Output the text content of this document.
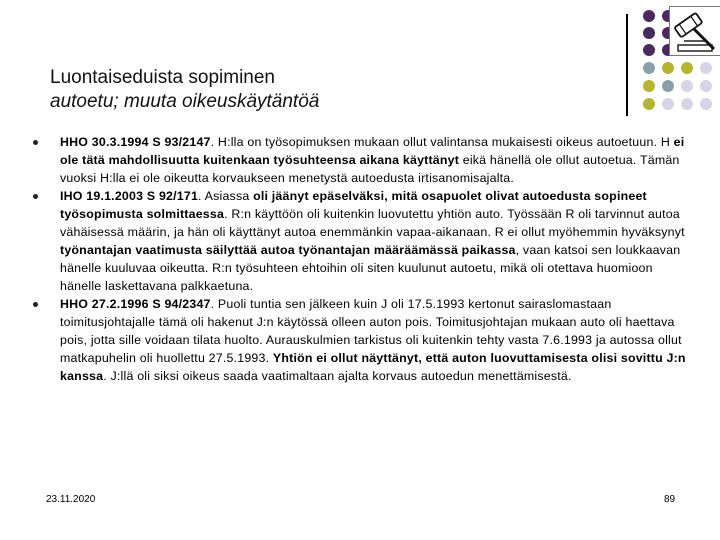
Luontaiseduista sopiminen
autoetu; muuta oikeuskäytäntöä
HHO 30.3.1994 S 93/2147. H:lla on työsopimuksen mukaan ollut valintansa mukaisesti oikeus autoetuun. H ei ole tätä mahdollisuutta kuitenkaan työsuhteensa aikana käyttänyt eikä hänellä ole ollut autoetua. Tämän vuoksi H:lla ei ole oikeutta korvaukseen menetystä autoedusta irtisanomisajalta.
IHO 19.1.2003 S 92/171. Asiassa oli jäänyt epäselväksi, mitä osapuolet olivat autoedusta sopineet työsopimusta solmittaessa. R:n käyttöön oli kuitenkin luovutettu yhtiön auto. Työssään R oli tarvinnut autoa vähäisessä määrin, ja hän oli käyttänyt autoa enemmänkin vapaa-aikanaan. R ei ollut myöhemmin hyväksynyt työnantajan vaatimusta säilyttää autoa työnantajan määräämässä paikassa, vaan katsoi sen loukkaavan hänelle kuuluvaa oikeutta. R:n työsuhteen ehtoihin oli siten kuulunut autoetu, mikä oli otettava huomioon hänelle laskettavana palkkaetuna.
HHO 27.2.1996 S 94/2347. Puoli tuntia sen jälkeen kuin J oli 17.5.1993 kertonut sairaslomastaan toimitusjohtajalle tämä oli hakenut J:n käytössä olleen auton pois. Toimitusjohtajan mukaan auto oli haettava pois, jotta sille voidaan tilata huolto. Aurauskulmien tarkistus oli kuitenkin tehty vasta 7.6.1993 ja autossa ollut matkapuhelin oli huollettu 27.5.1993. Yhtiön ei ollut näyttänyt, että auton luovuttamisesta olisi sovittu J:n kanssa. J:llä oli siksi oikeus saada vaatimaltaan ajalta korvaus autoedun menettämisestä.
23.11.2020	89
